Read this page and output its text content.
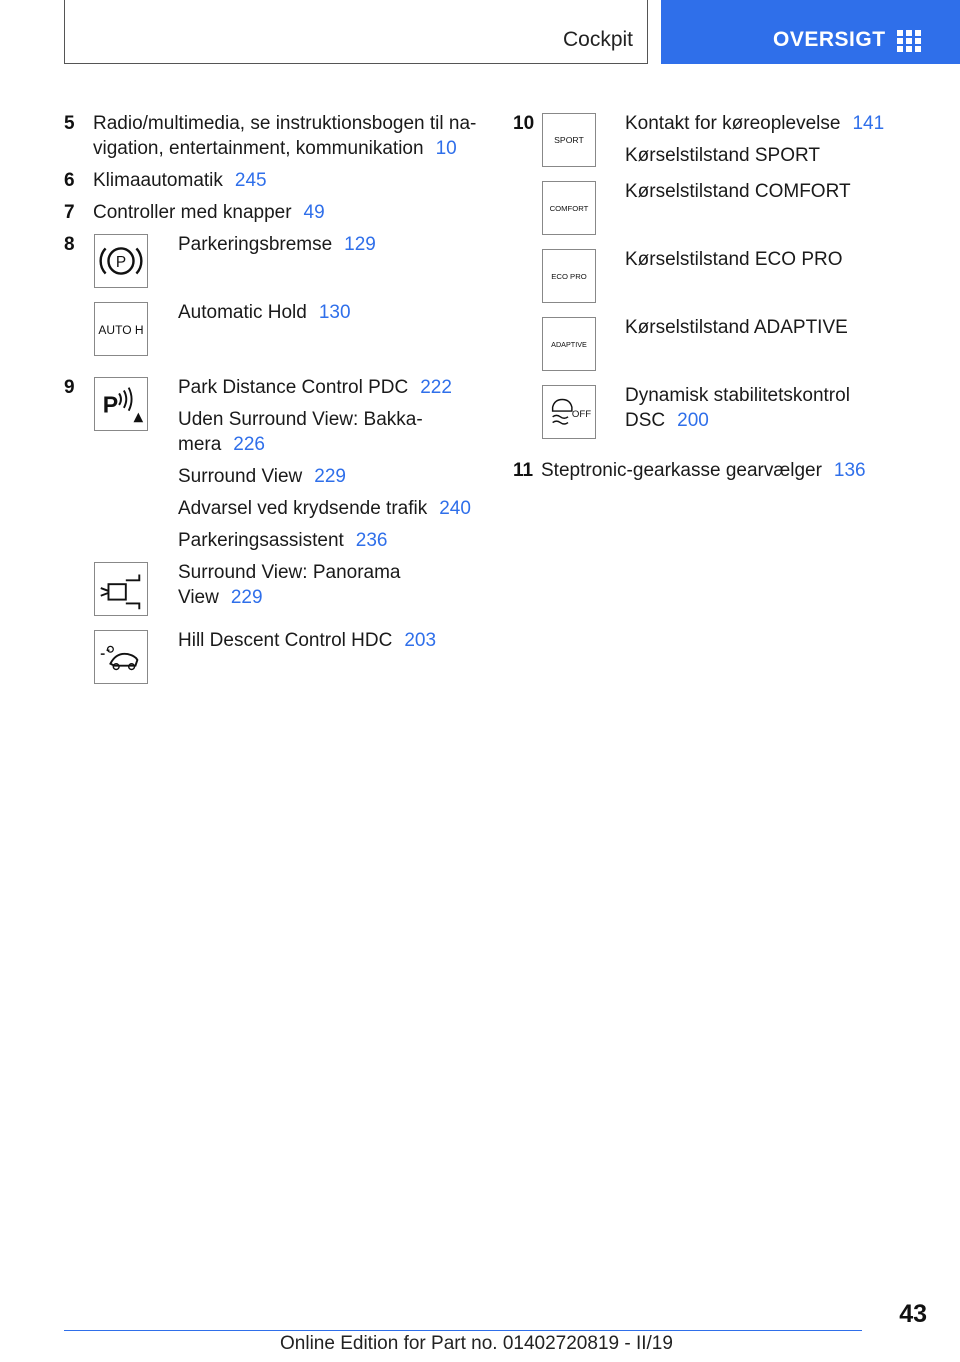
Cockpit	OVERSIGT
5 Radio/multimedia, se instruktionsbogen til na-
vigation, entertainment, kommunikation 10
6 Klimaautomatik 245
7 Controller med knapper 49
8
P
Parkeringsbremse 129
AUTO H
Automatic Hold 130
9
P
Park Distance Control PDC 222
Uden Surround View: Bakka-
mera 226
Surround View 229
Advarsel ved krydsende trafik 240
Parkeringsassistent 236
Surround View: Panorama
View 229
Hill Descent Control HDC 203
10
SPORT
Kontakt for køreoplevelse 141
Kørselstilstand SPORT
COMFORT
Kørselstilstand COMFORT
ECO PRO
Kørselstilstand ECO PRO
ADAPTIVE
Kørselstilstand ADAPTIVE
OFF
Dynamisk stabilitetskontrol
DSC 200
11 Steptronic-gearkasse gearvælger 136
43
Online Edition for Part no. 01402720819 - II/19
